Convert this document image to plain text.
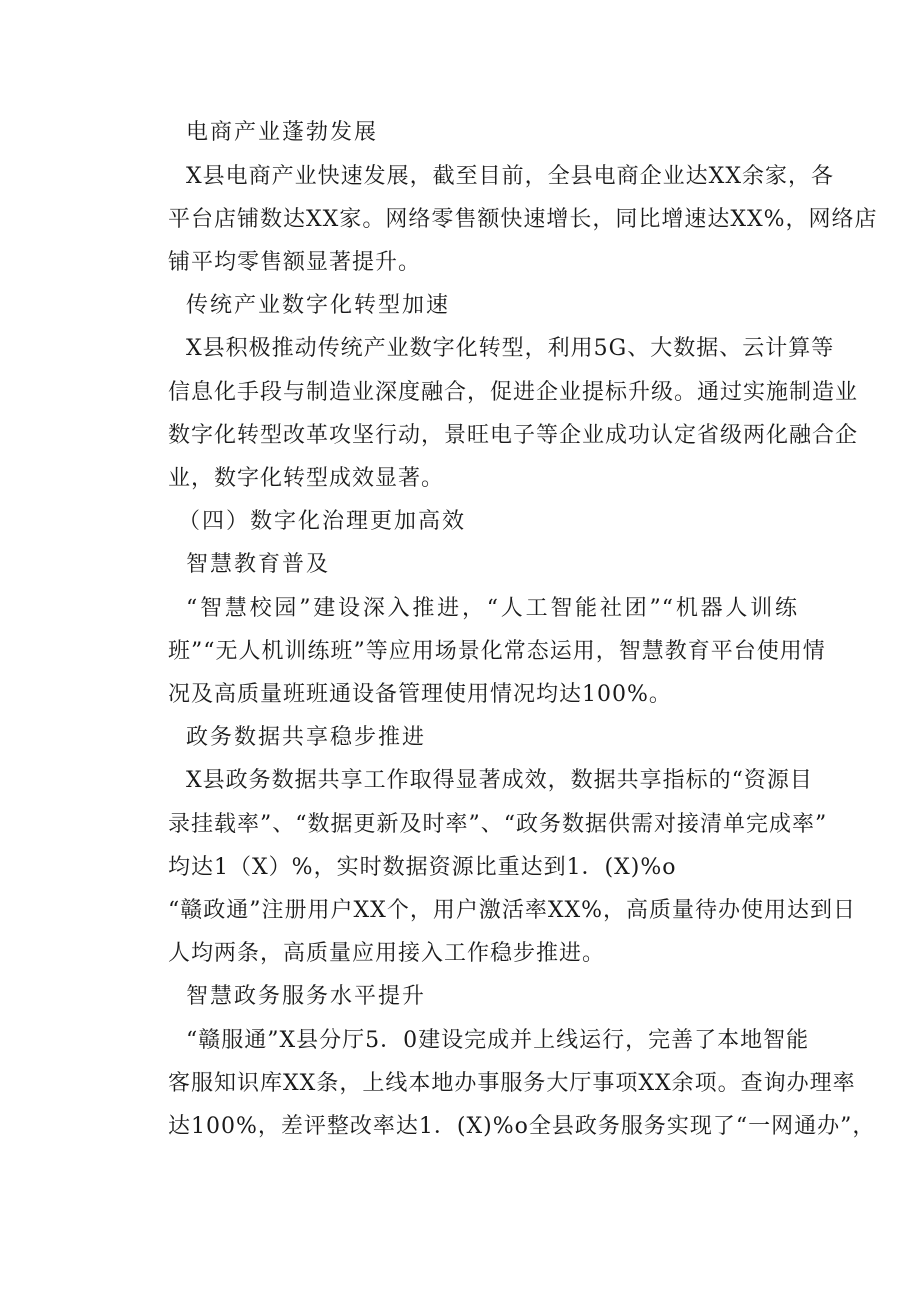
电商产业蓬勃发展
X县电商产业快速发展，截至目前，全县电商企业达XX余家，各
平台店铺数达XX家。网络零售额快速增长，同比增速达XX%，网络店
铺平均零售额显著提升。
传统产业数字化转型加速
X县积极推动传统产业数字化转型，利用5G、大数据、云计算等
信息化手段与制造业深度融合，促进企业提标升级。通过实施制造业
数字化转型改革攻坚行动，景旺电子等企业成功认定省级两化融合企
业，数字化转型成效显著。
（四）数字化治理更加高效
智慧教育普及
“智慧校园”建设深入推进，“人工智能社团”“机器人训练
班”“无人机训练班”等应用场景化常态运用，智慧教育平台使用情
况及高质量班班通设备管理使用情况均达100%。
政务数据共享稳步推进
X县政务数据共享工作取得显著成效，数据共享指标的“资源目
录挂载率”、“数据更新及时率”、“政务数据供需对接清单完成率”
均达1（X）%，实时数据资源比重达到1．(X)%o
“赣政通”注册用户XX个，用户激活率XX%，高质量待办使用达到日
人均两条，高质量应用接入工作稳步推进。
智慧政务服务水平提升
“赣服通”X县分厅5．0建设完成并上线运行，完善了本地智能
客服知识库XX条，上线本地办事服务大厅事项XX余项。查询办理率
达100%，差评整改率达1．(X)%o全县政务服务实现了“一网通办”，
